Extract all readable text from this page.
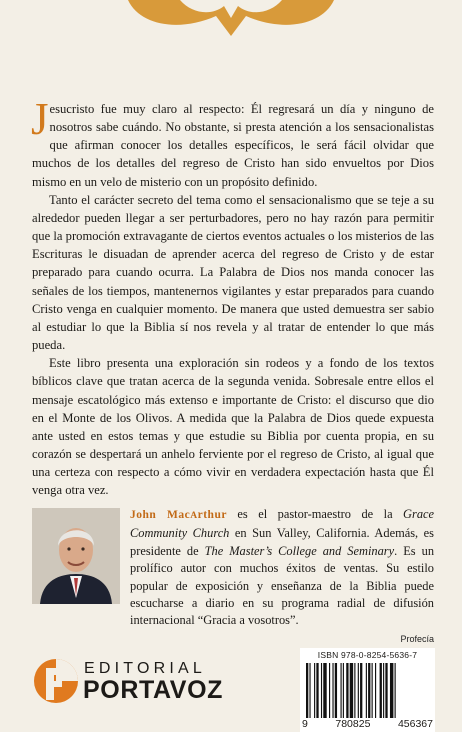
Jesucristo fue muy claro al respecto: Él regresará un día y ninguno de nosotros sabe cuándo. No obstante, si presta atención a los sensacionalistas que afirman conocer los detalles específicos, le será fácil olvidar que muchos de los detalles del regreso de Cristo han sido envueltos por Dios mismo en un velo de misterio con un propósito definido.

Tanto el carácter secreto del tema como el sensacionalismo que se teje a su alrededor pueden llegar a ser perturbadores, pero no hay razón para permitir que la promoción extravagante de ciertos eventos actuales o los misterios de las Escrituras le disuadan de aprender acerca del regreso de Cristo y de estar preparado para cuando ocurra. La Palabra de Dios nos manda conocer las señales de los tiempos, mantenernos vigilantes y estar preparados para cuando Cristo venga en cualquier momento. De manera que usted demuestra ser sabio al estudiar lo que la Biblia sí nos revela y al tratar de entender lo que más pueda.

Este libro presenta una exploración sin rodeos y a fondo de los textos bíblicos clave que tratan acerca de la segunda venida. Sobresale entre ellos el mensaje escatológico más extenso e importante de Cristo: el discurso que dio en el Monte de los Olivos. A medida que la Palabra de Dios quede expuesta ante usted en estos temas y que estudie su Biblia por cuenta propia, en su corazón se despertará un anhelo ferviente por el regreso de Cristo, al igual que una certeza con respecto a cómo vivir en verdadera expectación hasta que Él venga otra vez.

John MacArthur es el pastor-maestro de la Grace Community Church en Sun Valley, California. Además, es presidente de The Master’s College and Seminary. Es un prolífico autor con muchos éxitos de ventas. Su estilo popular de exposición y enseñanza de la Biblia puede escucharse a diario en su programa radial de difusión internacional “Gracia a vosotros”.
Profecía
ISBN 978-0-8254-5636-7
9	780825	456367
EDITORIAL
PORTAVOZ
